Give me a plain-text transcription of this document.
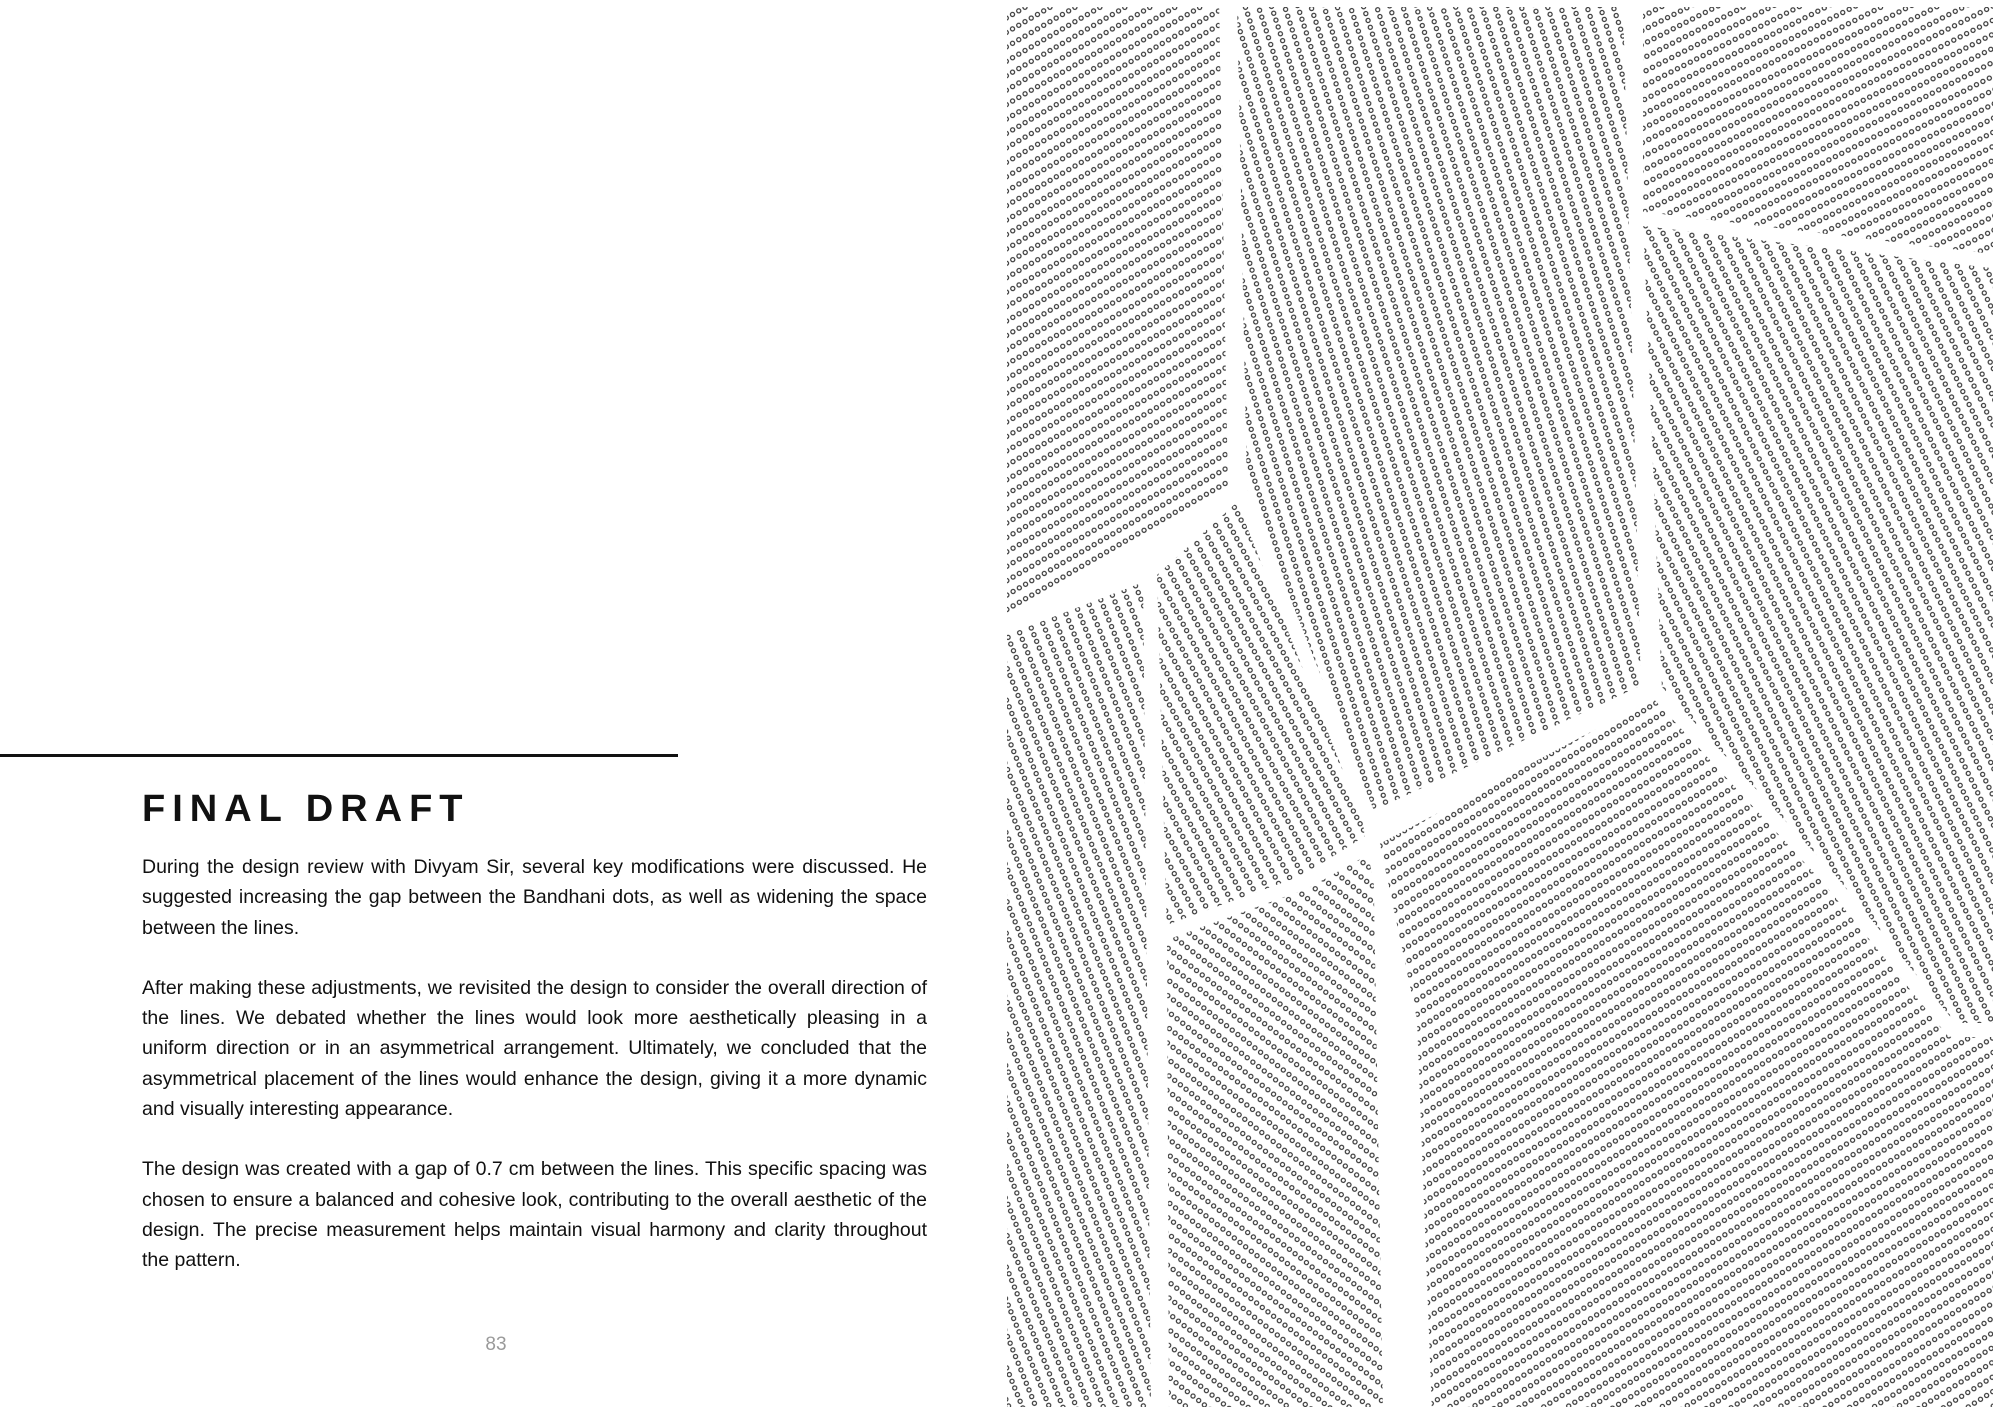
FINAL DRAFT

During the design review with Divyam Sir, several key modifications were discussed. He suggested increasing the gap between the Bandhani dots, as well as widening the space between the lines.

After making these adjustments, we revisited the design to consider the overall direction of the lines. We debated whether the lines would look more aesthetically pleasing in a uniform direction or in an asymmetrical arrangement. Ultimately, we concluded that the asymmetrical placement of the lines would enhance the design, giving it a more dynamic and visually interesting appearance.

The design was created with a gap of 0.7 cm between the lines. This specific spacing was chosen to ensure a balanced and cohesive look, contributing to the overall aesthetic of the design. The precise measurement helps maintain visual harmony and clarity throughout the pattern.

83
